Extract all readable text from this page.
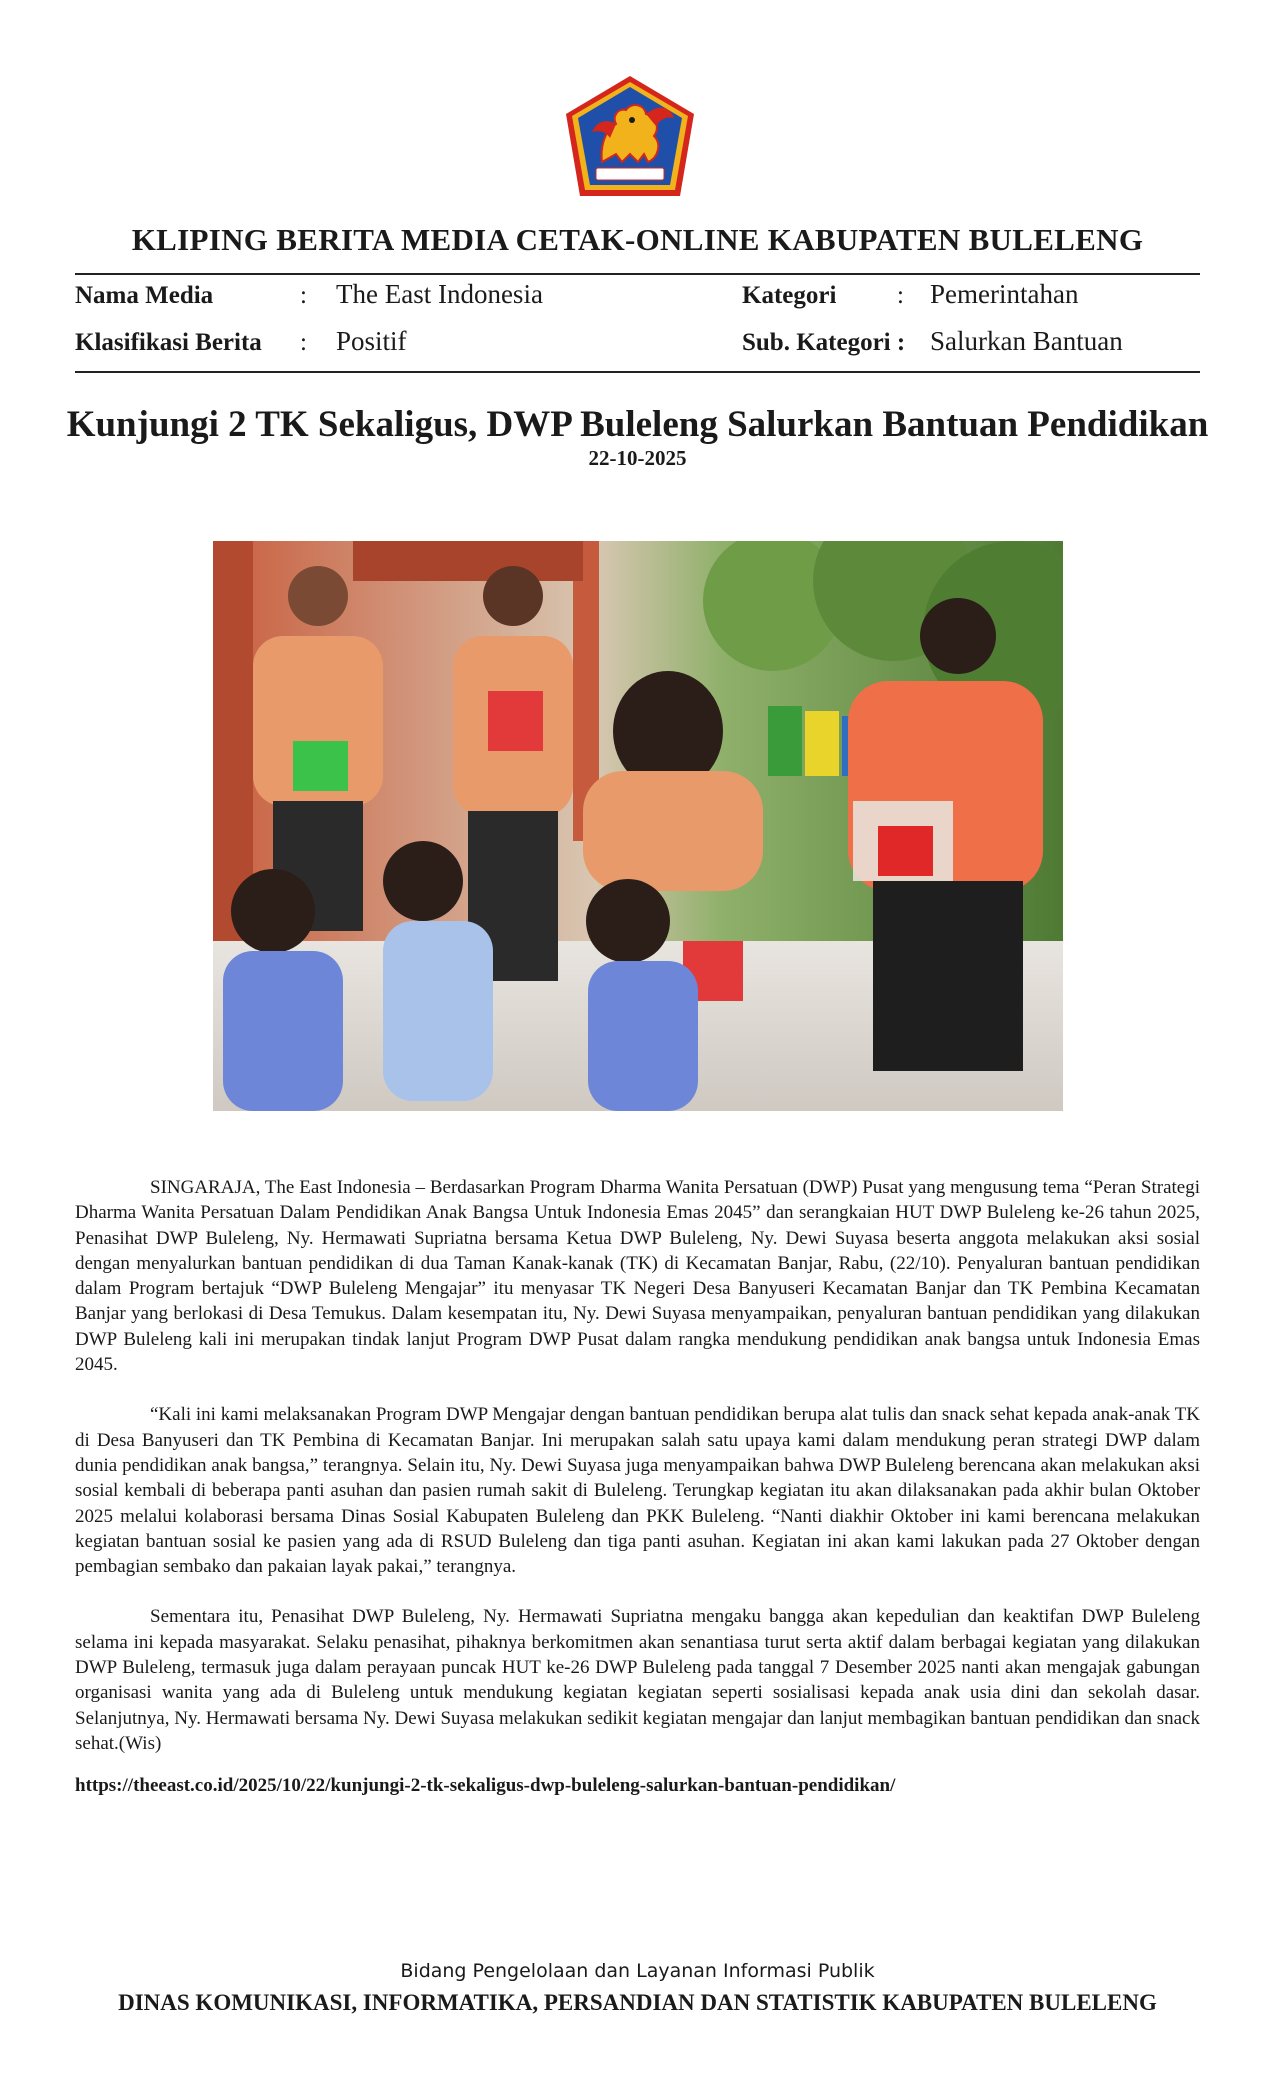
KLIPING BERITA MEDIA CETAK-ONLINE KABUPATEN BULELENG
Nama Media	: The East Indonesia	Kategori : Pemerintahan
Klasifikasi Berita : Positif	Sub. Kategori : Salurkan Bantuan
Kunjungi 2 TK Sekaligus, DWP Buleleng Salurkan Bantuan Pendidikan
22-10-2025

SINGARAJA, The East Indonesia – Berdasarkan Program Dharma Wanita Persatuan (DWP) Pusat yang mengusung tema “Peran Strategi Dharma Wanita Persatuan Dalam Pendidikan Anak Bangsa Untuk Indonesia Emas 2045” dan serangkaian HUT DWP Buleleng ke-26 tahun 2025, Penasihat DWP Buleleng, Ny. Hermawati Supriatna bersama Ketua DWP Buleleng, Ny. Dewi Suyasa beserta anggota melakukan aksi sosial dengan menyalurkan bantuan pendidikan di dua Taman Kanak-kanak (TK) di Kecamatan Banjar, Rabu, (22/10). Penyaluran bantuan pendidikan dalam Program bertajuk “DWP Buleleng Mengajar” itu menyasar TK Negeri Desa Banyuseri Kecamatan Banjar dan TK Pembina Kecamatan Banjar yang berlokasi di Desa Temukus. Dalam kesempatan itu, Ny. Dewi Suyasa menyampaikan, penyaluran bantuan pendidikan yang dilakukan DWP Buleleng kali ini merupakan tindak lanjut Program DWP Pusat dalam rangka mendukung pendidikan anak bangsa untuk Indonesia Emas 2045.

“Kali ini kami melaksanakan Program DWP Mengajar dengan bantuan pendidikan berupa alat tulis dan snack sehat kepada anak-anak TK di Desa Banyuseri dan TK Pembina di Kecamatan Banjar. Ini merupakan salah satu upaya kami dalam mendukung peran strategi DWP dalam dunia pendidikan anak bangsa,” terangnya. Selain itu, Ny. Dewi Suyasa juga menyampaikan bahwa DWP Buleleng berencana akan melakukan aksi sosial kembali di beberapa panti asuhan dan pasien rumah sakit di Buleleng. Terungkap kegiatan itu akan dilaksanakan pada akhir bulan Oktober 2025 melalui kolaborasi bersama Dinas Sosial Kabupaten Buleleng dan PKK Buleleng. “Nanti diakhir Oktober ini kami berencana melakukan kegiatan bantuan sosial ke pasien yang ada di RSUD Buleleng dan tiga panti asuhan. Kegiatan ini akan kami lakukan pada 27 Oktober dengan pembagian sembako dan pakaian layak pakai,” terangnya.

Sementara itu, Penasihat DWP Buleleng, Ny. Hermawati Supriatna mengaku bangga akan kepedulian dan keaktifan DWP Buleleng selama ini kepada masyarakat. Selaku penasihat, pihaknya berkomitmen akan senantiasa turut serta aktif dalam berbagai kegiatan yang dilakukan DWP Buleleng, termasuk juga dalam perayaan puncak HUT ke-26 DWP Buleleng pada tanggal 7 Desember 2025 nanti akan mengajak gabungan organisasi wanita yang ada di Buleleng untuk mendukung kegiatan kegiatan seperti sosialisasi kepada anak usia dini dan sekolah dasar. Selanjutnya, Ny. Hermawati bersama Ny. Dewi Suyasa melakukan sedikit kegiatan mengajar dan lanjut membagikan bantuan pendidikan dan snack sehat.(Wis)

https://theeast.co.id/2025/10/22/kunjungi-2-tk-sekaligus-dwp-buleleng-salurkan-bantuan-pendidikan/
Bidang Pengelolaan dan Layanan Informasi Publik
DINAS KOMUNIKASI, INFORMATIKA, PERSANDIAN DAN STATISTIK KABUPATEN BULELENG
